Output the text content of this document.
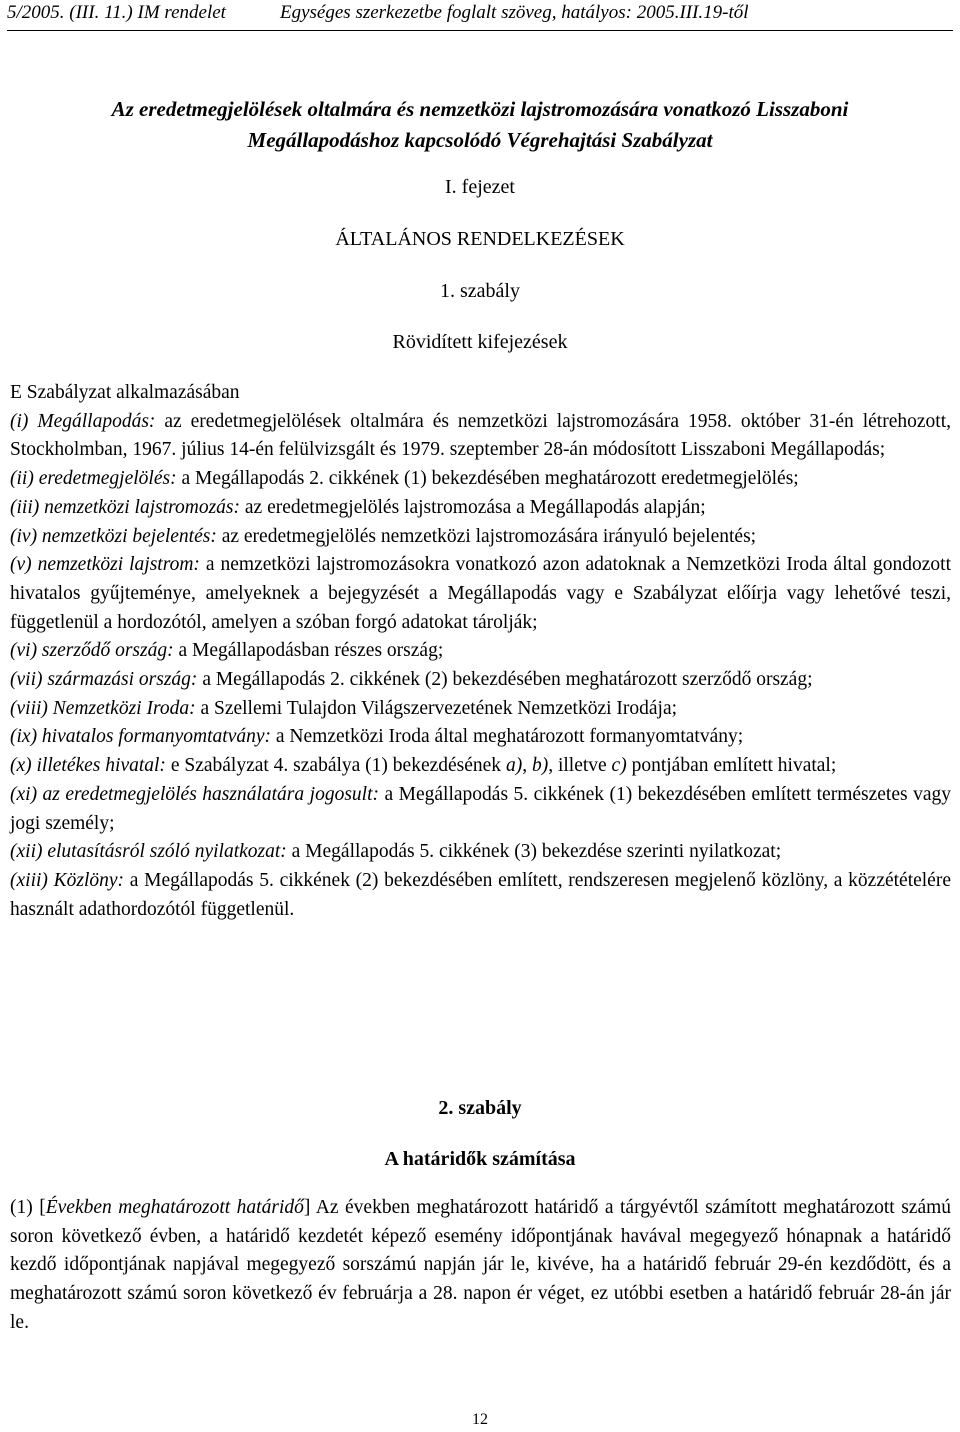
5/2005. (III. 11.) IM rendelet	Egységes szerkezetbe foglalt szöveg, hatályos: 2005.III.19-től
Az eredetmegjelölések oltalmára és nemzetközi lajstromozására vonatkozó Lisszaboni
Megállapodáshoz kapcsolódó Végrehajtási Szabályzat
I. fejezet
ÁLTALÁNOS RENDELKEZÉSEK
1. szabály
Rövidített kifejezések

E Szabályzat alkalmazásában

(i) Megállapodás: az eredetmegjelölések oltalmára és nemzetközi lajstromozására 1958. október 31-én létrehozott, Stockholmban, 1967. július 14-én felülvizsgált és 1979. szeptember 28-án módosított Lisszaboni Megállapodás;

(ii) eredetmegjelölés: a Megállapodás 2. cikkének (1) bekezdésében meghatározott eredetmegjelölés;

(iii) nemzetközi lajstromozás: az eredetmegjelölés lajstromozása a Megállapodás alapján;

(iv) nemzetközi bejelentés: az eredetmegjelölés nemzetközi lajstromozására irányuló bejelentés;

(v) nemzetközi lajstrom: a nemzetközi lajstromozásokra vonatkozó azon adatoknak a Nemzetközi Iroda által gondozott hivatalos gyűjteménye, amelyeknek a bejegyzését a Megállapodás vagy e Szabályzat előírja vagy lehetővé teszi, függetlenül a hordozótól, amelyen a szóban forgó adatokat tárolják;

(vi) szerződő ország: a Megállapodásban részes ország;

(vii) származási ország: a Megállapodás 2. cikkének (2) bekezdésében meghatározott szerződő ország;

(viii) Nemzetközi Iroda: a Szellemi Tulajdon Világszervezetének Nemzetközi Irodája;

(ix) hivatalos formanyomtatvány: a Nemzetközi Iroda által meghatározott formanyomtatvány;

(x) illetékes hivatal: e Szabályzat 4. szabálya (1) bekezdésének a), b), illetve c) pontjában említett hivatal;

(xi) az eredetmegjelölés használatára jogosult: a Megállapodás 5. cikkének (1) bekezdésében említett természetes vagy jogi személy;

(xii) elutasításról szóló nyilatkozat: a Megállapodás 5. cikkének (3) bekezdése szerinti nyilatkozat;

(xiii) Közlöny: a Megállapodás 5. cikkének (2) bekezdésében említett, rendszeresen megjelenő közlöny, a közzétételére használt adathordozótól függetlenül.

2. szabály
A határidők számítása

(1) [Években meghatározott határidő] Az években meghatározott határidő a tárgyévtől számított meghatározott számú soron következő évben, a határidő kezdetét képező esemény időpontjának havával megegyező hónapnak a határidő kezdő időpontjának napjával megegyező sorszámú napján jár le, kivéve, ha a határidő február 29-én kezdődött, és a meghatározott számú soron következő év februárja a 28. napon ér véget, ez utóbbi esetben a határidő február 28-án jár le.

12
